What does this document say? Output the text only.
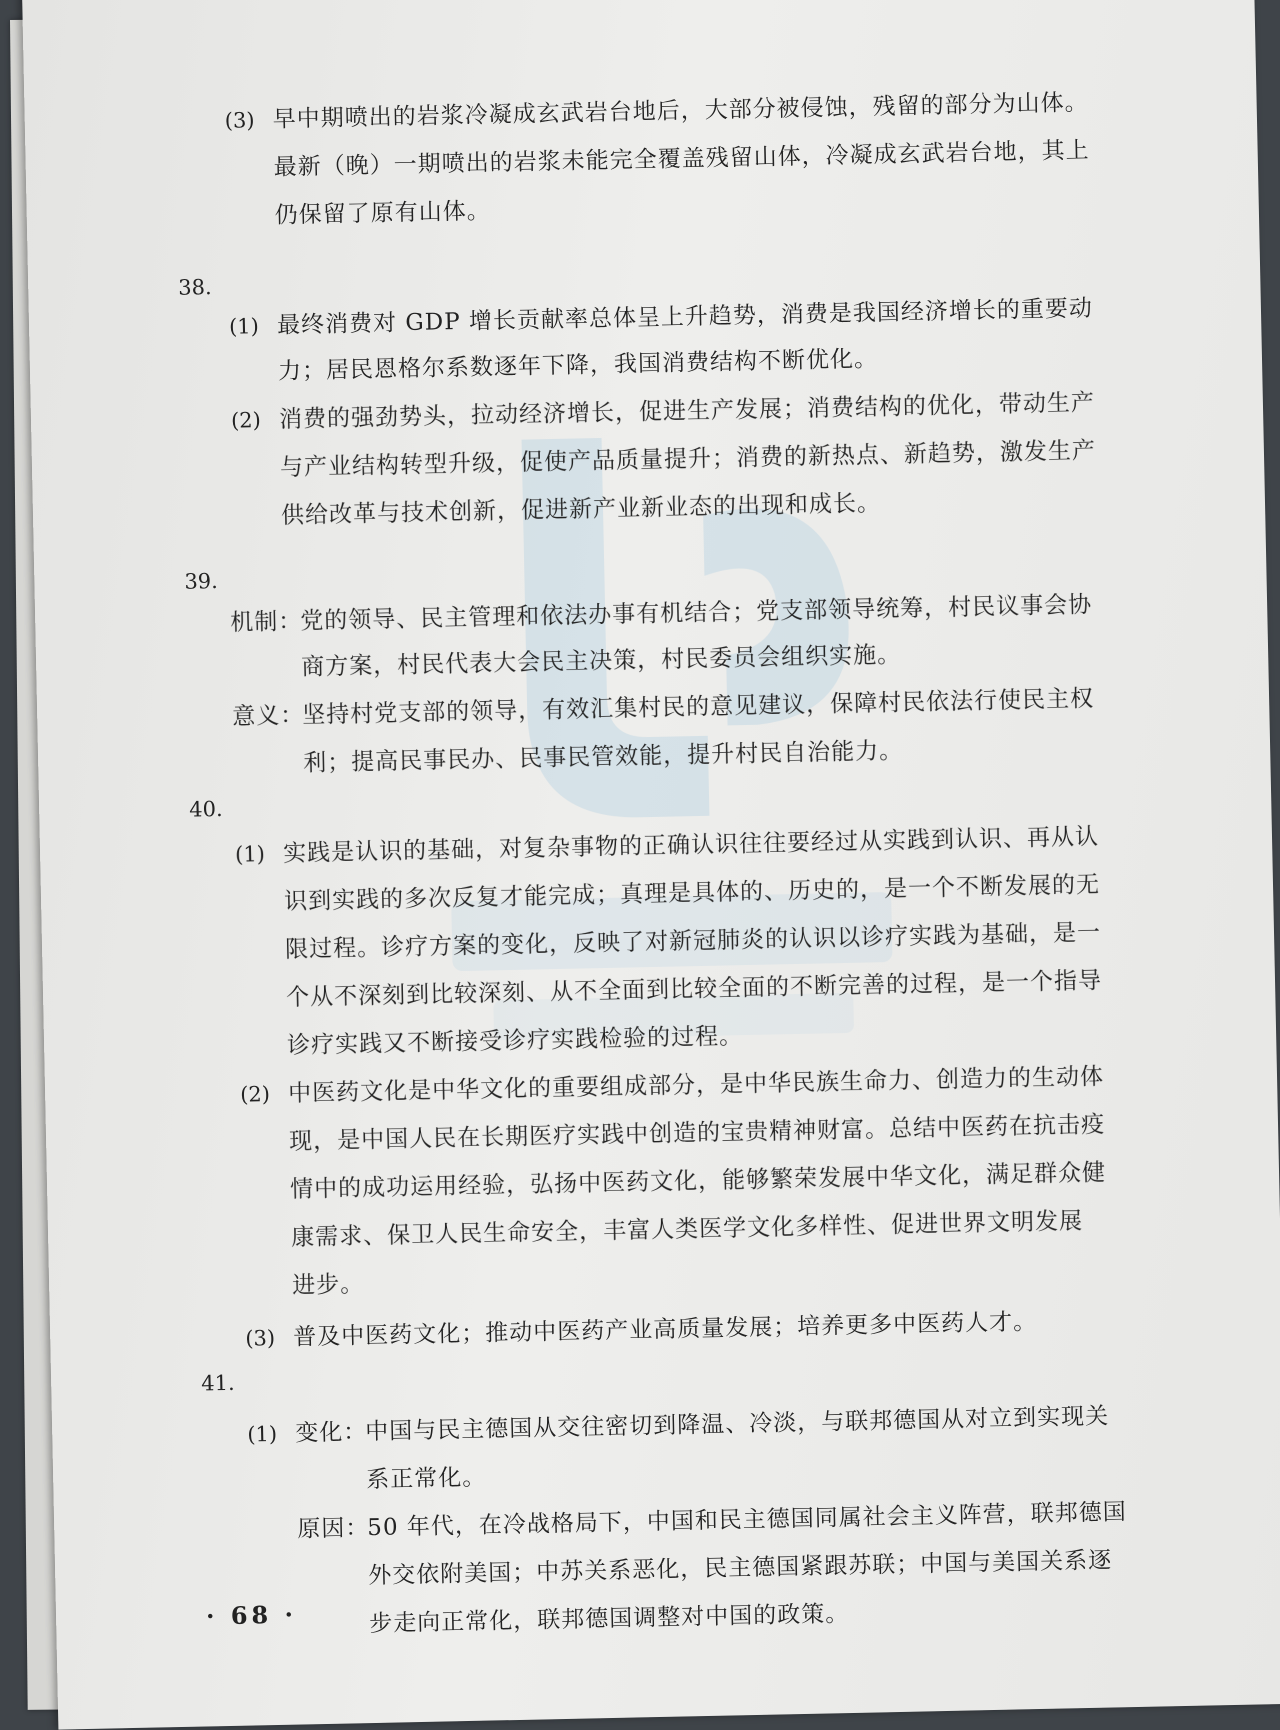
(3) 早中期喷出的岩浆冷凝成玄武岩台地后，大部分被侵蚀，残留的部分为山体。
最新（晚）一期喷出的岩浆未能完全覆盖残留山体，冷凝成玄武岩台地，其上
仍保留了原有山体。
38.
(1) 最终消费对 GDP 增长贡献率总体呈上升趋势，消费是我国经济增长的重要动
力；居民恩格尔系数逐年下降，我国消费结构不断优化。
(2) 消费的强劲势头，拉动经济增长，促进生产发展；消费结构的优化，带动生产
与产业结构转型升级，促使产品质量提升；消费的新热点、新趋势，激发生产
供给改革与技术创新，促进新产业新业态的出现和成长。
39.
机制：
党的领导、民主管理和依法办事有机结合；党支部领导统筹，村民议事会协
商方案，村民代表大会民主决策，村民委员会组织实施。
意义：
坚持村党支部的领导，有效汇集村民的意见建议，保障村民依法行使民主权
利；提高民事民办、民事民管效能，提升村民自治能力。
40.
(1) 实践是认识的基础，对复杂事物的正确认识往往要经过从实践到认识、再从认
识到实践的多次反复才能完成；真理是具体的、历史的，是一个不断发展的无
限过程。诊疗方案的变化，反映了对新冠肺炎的认识以诊疗实践为基础，是一
个从不深刻到比较深刻、从不全面到比较全面的不断完善的过程，是一个指导
诊疗实践又不断接受诊疗实践检验的过程。
(2) 中医药文化是中华文化的重要组成部分，是中华民族生命力、创造力的生动体
现，是中国人民在长期医疗实践中创造的宝贵精神财富。总结中医药在抗击疫
情中的成功运用经验，弘扬中医药文化，能够繁荣发展中华文化，满足群众健
康需求、保卫人民生命安全，丰富人类医学文化多样性、促进世界文明发展
进步。
(3) 普及中医药文化；推动中医药产业高质量发展；培养更多中医药人才。
41.
(1) 变化：
中国与民主德国从交往密切到降温、冷淡，与联邦德国从对立到实现关
系正常化。
原因：
50 年代，在冷战格局下，中国和民主德国同属社会主义阵营，联邦德国
外交依附美国；中苏关系恶化，民主德国紧跟苏联；中国与美国关系逐
步走向正常化，联邦德国调整对中国的政策。
· 68 ·
